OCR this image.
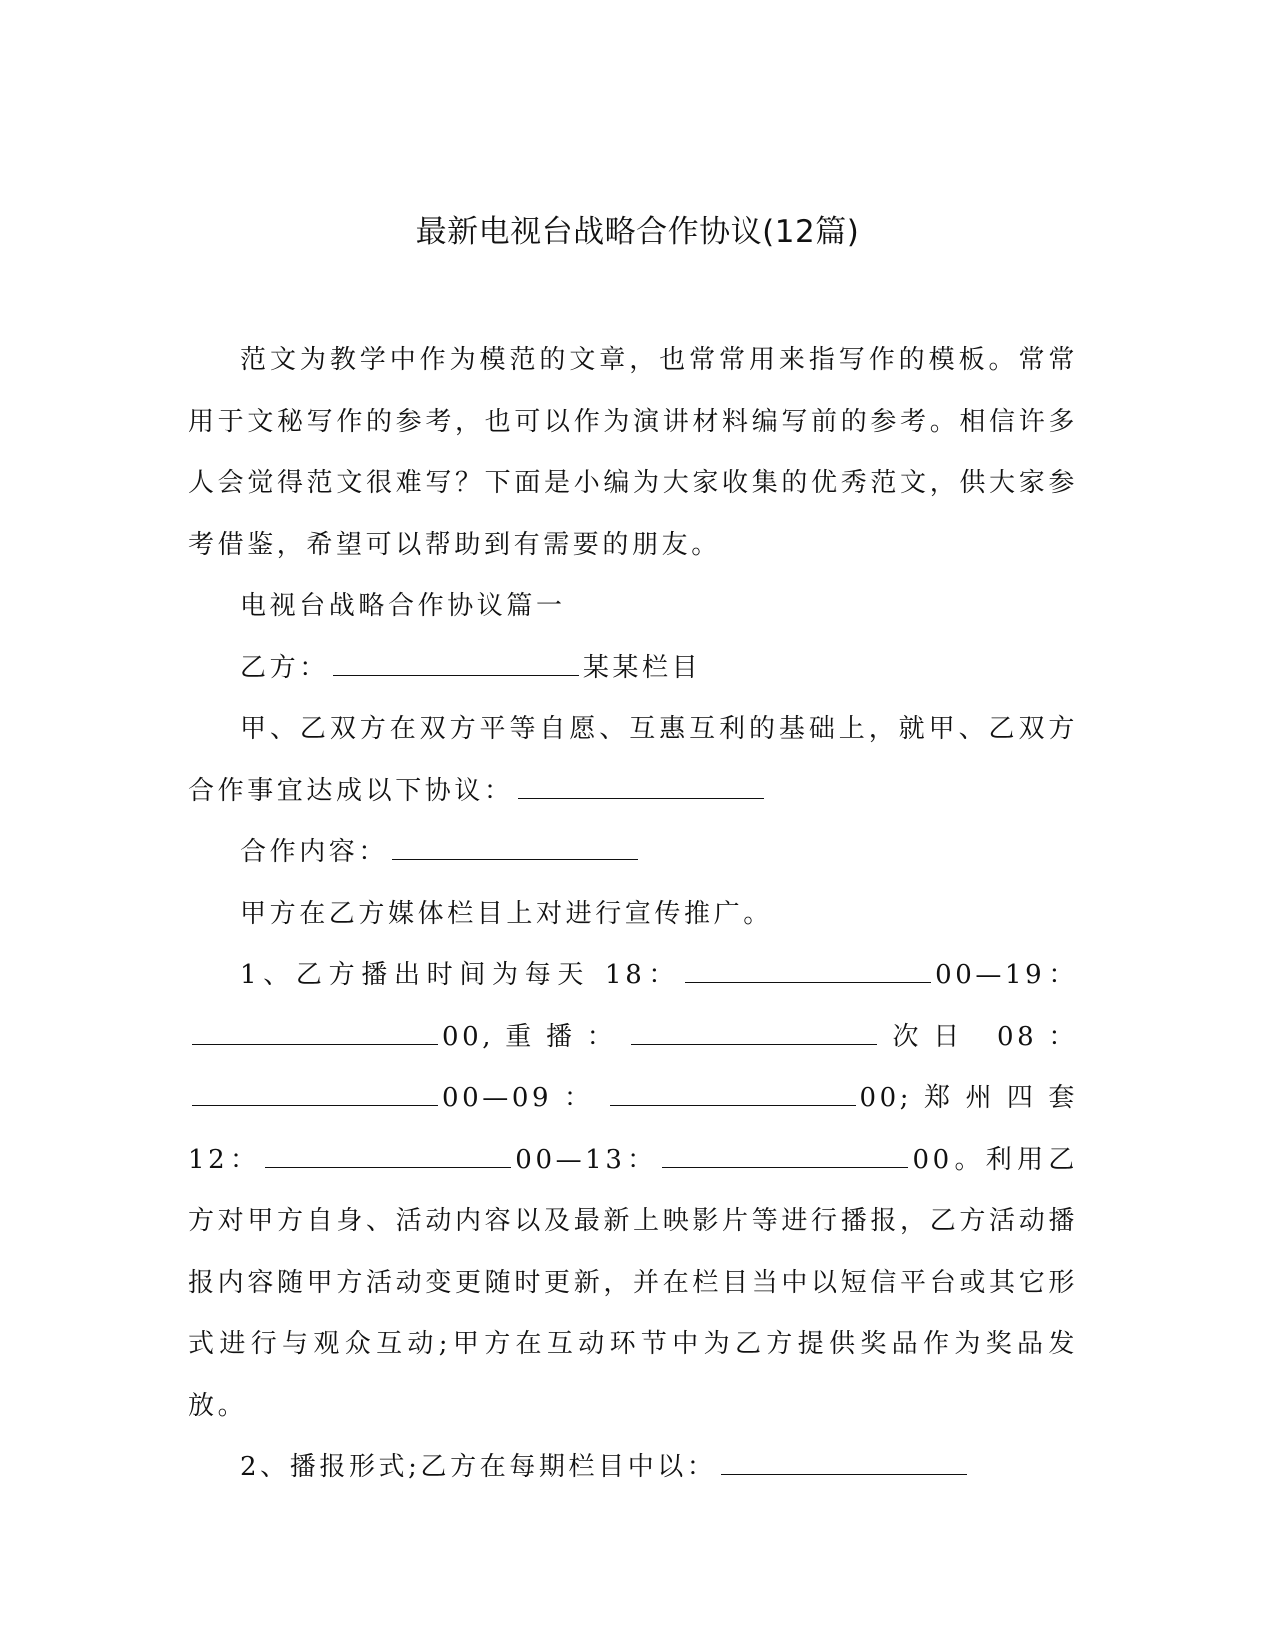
最新电视台战略合作协议(12篇)

范文为教学中作为模范的文章，也常常用来指写作的模板。常常用于文秘写作的参考，也可以作为演讲材料编写前的参考。相信许多人会觉得范文很难写？下面是小编为大家收集的优秀范文，供大家参考借鉴，希望可以帮助到有需要的朋友。

电视台战略合作协议篇一

乙方：	某某栏目

甲、乙双方在双方平等自愿、互惠互利的基础上，就甲、乙双方合作事宜达成以下协议：

合作内容：

甲方在乙方媒体栏目上对进行宣传推广。

1、乙方播出时间为每天 18：	00—19：00,重播：	次日 08：00—09：	00;郑州四套 12：	00—13：	00。利用乙方对甲方自身、活动内容以及最新上映影片等进行播报，乙方活动播报内容随甲方活动变更随时更新，并在栏目当中以短信平台或其它形式进行与观众互动;甲方在互动环节中为乙方提供奖品作为奖品发放。

2、播报形式;乙方在每期栏目中以：
